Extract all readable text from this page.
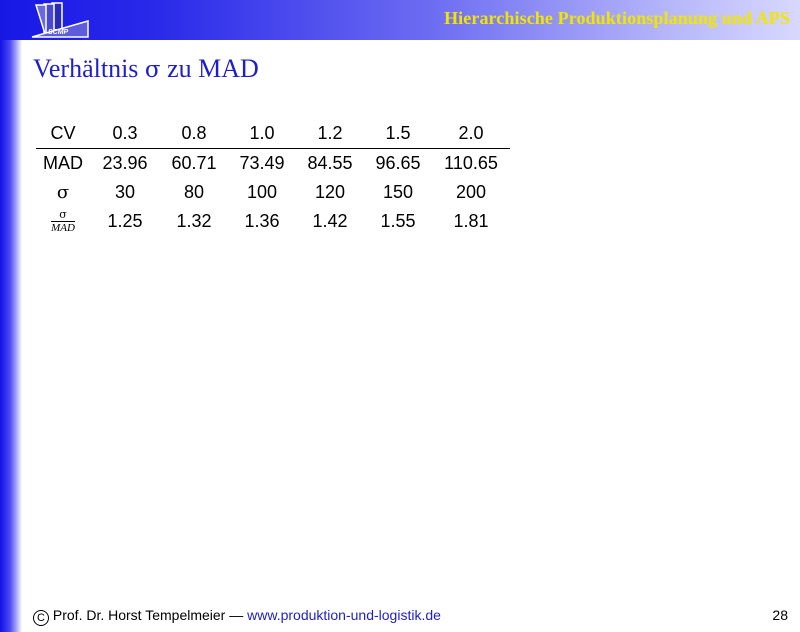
SCMP
Hierarchische Produktionsplanung und APS
Verhältnis σ zu MAD
CV	0.3	0.8	1.0	1.2	1.5	2.0
MAD	23.96	60.71	73.49	84.55	96.65	110.65
σ	30	80	100	120	150	200

$\frac{\sigma}{\text{MAD}}$	1.25	1.32	1.36	1.42	1.55	1.81
C Prof. Dr. Horst Tempelmeier — www.produktion-und-logistik.de	28
